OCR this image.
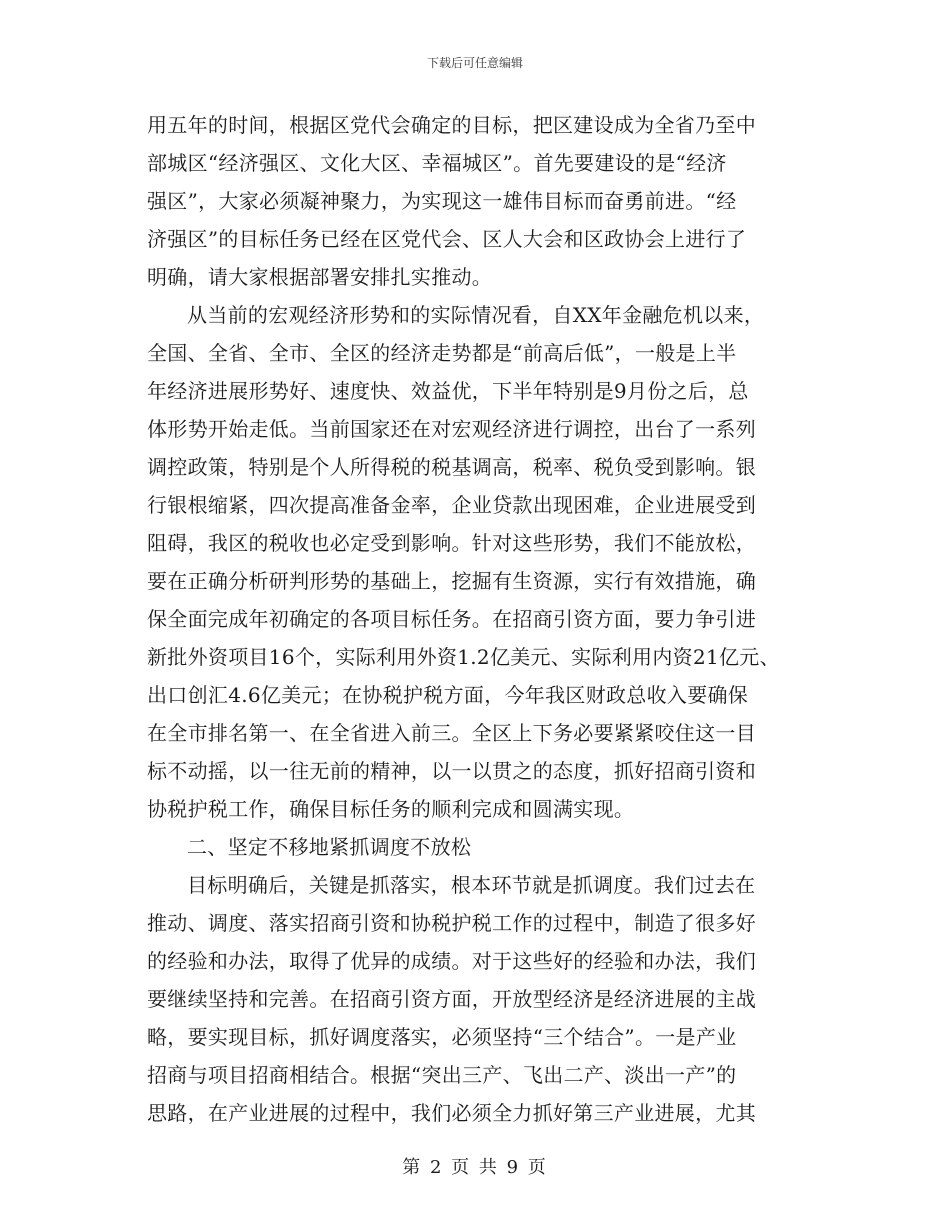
下载后可任意编辑
用五年的时间，根据区党代会确定的目标，把区建设成为全省乃至中
部城区“经济强区、文化大区、幸福城区”。首先要建设的是“经济
强区”，大家必须凝神聚力，为实现这一雄伟目标而奋勇前进。“经
济强区”的目标任务已经在区党代会、区人大会和区政协会上进行了
明确，请大家根据部署安排扎实推动。
从当前的宏观经济形势和的实际情况看，自XX年金融危机以来，
全国、全省、全市、全区的经济走势都是“前高后低”，一般是上半
年经济进展形势好、速度快、效益优，下半年特别是9月份之后，总
体形势开始走低。当前国家还在对宏观经济进行调控，出台了一系列
调控政策，特别是个人所得税的税基调高，税率、税负受到影响。银
行银根缩紧，四次提高准备金率，企业贷款出现困难，企业进展受到
阻碍，我区的税收也必定受到影响。针对这些形势，我们不能放松，
要在正确分析研判形势的基础上，挖掘有生资源，实行有效措施，确
保全面完成年初确定的各项目标任务。在招商引资方面，要力争引进
新批外资项目16个，实际利用外资1.2亿美元、实际利用内资21亿元、
出口创汇4.6亿美元；在协税护税方面，今年我区财政总收入要确保
在全市排名第一、在全省进入前三。全区上下务必要紧紧咬住这一目
标不动摇，以一往无前的精神，以一以贯之的态度，抓好招商引资和
协税护税工作，确保目标任务的顺利完成和圆满实现。
二、坚定不移地紧抓调度不放松
目标明确后，关键是抓落实，根本环节就是抓调度。我们过去在
推动、调度、落实招商引资和协税护税工作的过程中，制造了很多好
的经验和办法，取得了优异的成绩。对于这些好的经验和办法，我们
要继续坚持和完善。在招商引资方面，开放型经济是经济进展的主战
略，要实现目标，抓好调度落实，必须坚持“三个结合”。一是产业
招商与项目招商相结合。根据“突出三产、飞出二产、淡出一产”的
思路，在产业进展的过程中，我们必须全力抓好第三产业进展，尤其
第 2 页 共 9 页
